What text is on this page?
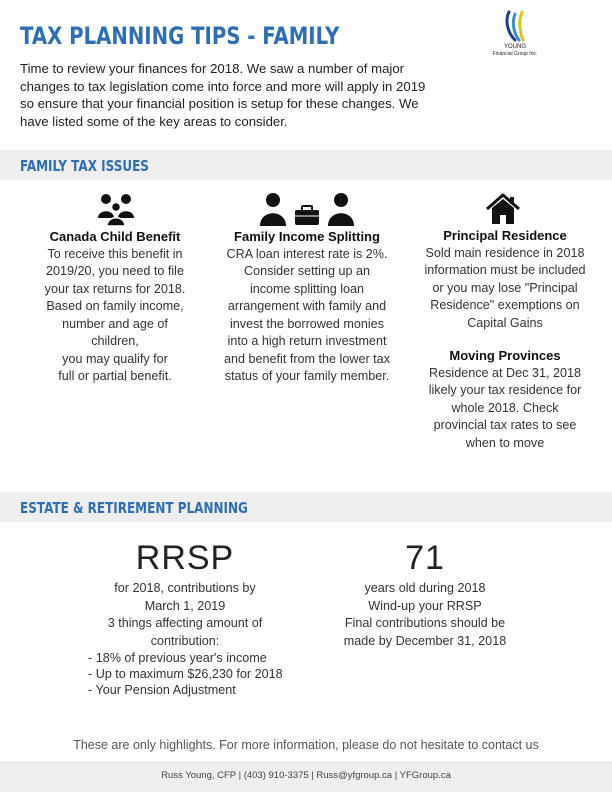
TAX PLANNING TIPS - FAMILY	YOUNG
Financial Group Inc.
Time to review your finances for 2018. We saw a number of major changes to tax legislation come into force and more will apply in 2019 so ensure that your financial position is setup for these changes. We have listed some of the key areas to consider.
FAMILY TAX ISSUES
Canada Child Benefit
To receive this benefit in
2019/20, you need to file
your tax returns for 2018.
Based on family income,
number and age of
children,
you may qualify for
full or partial benefit.
Family Income Splitting
CRA loan interest rate is 2%.
Consider setting up an
income splitting loan
arrangement with family and
invest the borrowed monies
into a high return investment
and benefit from the lower tax
status of your family member.
Principal Residence
Sold main residence in 2018
information must be included
or you may lose "Principal
Residence" exemptions on
Capital Gains
Moving Provinces
Residence at Dec 31, 2018
likely your tax residence for
whole 2018. Check
provincial tax rates to see
when to move
ESTATE & RETIREMENT PLANNING
RRSP
for 2018, contributions by
March 1, 2019
3 things affecting amount of
contribution:
- 18% of previous year's income
- Up to maximum $26,230 for 2018
- Your Pension Adjustment
71
years old during 2018
Wind-up your RRSP
Final contributions should be
made by December 31, 2018
These are only highlights. For more information, please do not hesitate to contact us
Russ Young, CFP | (403) 910-3375 | Russ@yfgroup.ca | YFGroup.ca
